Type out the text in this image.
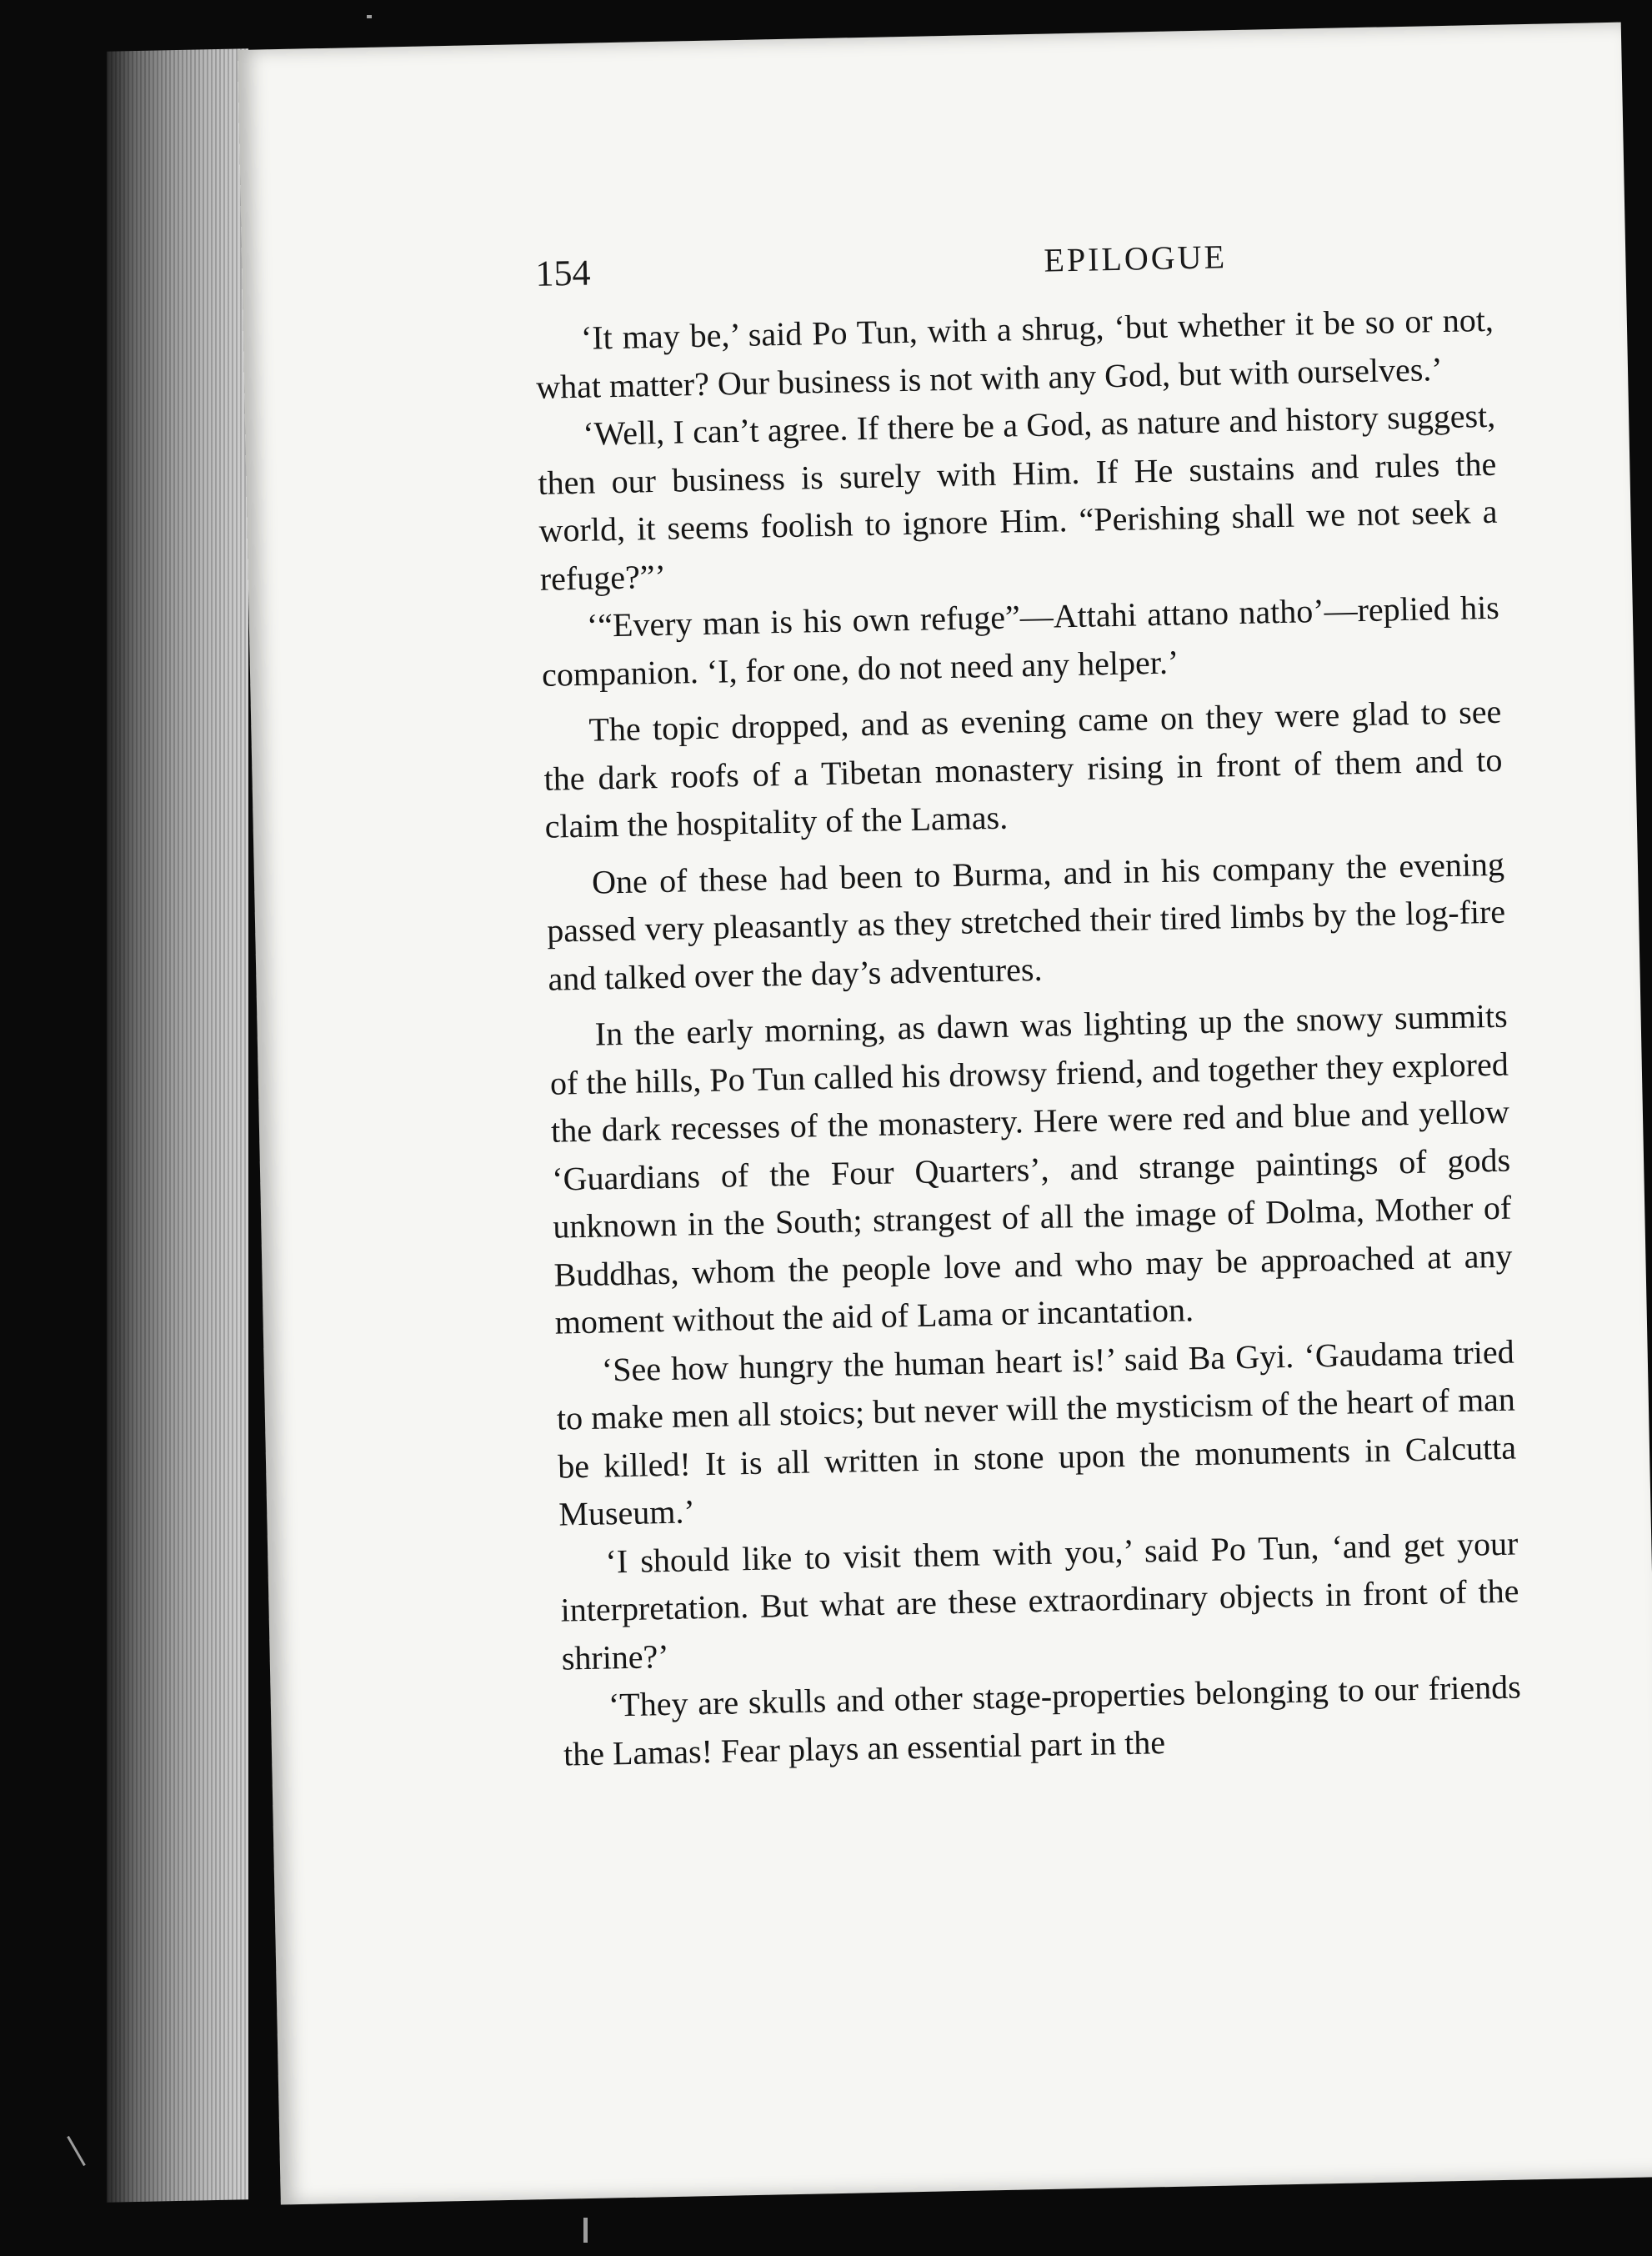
154	EPILOGUE

‘It may be,’ said Po Tun, with a shrug, ‘but whether it be so or not, what matter? Our business is not with any God, but with ourselves.’

‘Well, I can’t agree. If there be a God, as nature and history suggest, then our business is surely with Him. If He sustains and rules the world, it seems foolish to ignore Him. “Perishing shall we not seek a refuge?”’

‘“Every man is his own refuge”—Attahi attano natho’—replied his companion. ‘I, for one, do not need any helper.’

The topic dropped, and as evening came on they were glad to see the dark roofs of a Tibetan monastery rising in front of them and to claim the hospitality of the Lamas.

One of these had been to Burma, and in his company the evening passed very pleasantly as they stretched their tired limbs by the log-fire and talked over the day’s adventures.

In the early morning, as dawn was lighting up the snowy summits of the hills, Po Tun called his drowsy friend, and together they explored the dark recesses of the monastery. Here were red and blue and yellow ‘Guardians of the Four Quarters’, and strange paintings of gods unknown in the South; strangest of all the image of Dolma, Mother of Buddhas, whom the people love and who may be approached at any moment without the aid of Lama or incantation.

‘See how hungry the human heart is!’ said Ba Gyi. ‘Gaudama tried to make men all stoics; but never will the mysticism of the heart of man be killed! It is all written in stone upon the monuments in Calcutta Museum.’

‘I should like to visit them with you,’ said Po Tun, ‘and get your interpretation. But what are these extraordinary objects in front of the shrine?’

‘They are skulls and other stage-properties belonging to our friends the Lamas! Fear plays an essential part in the
